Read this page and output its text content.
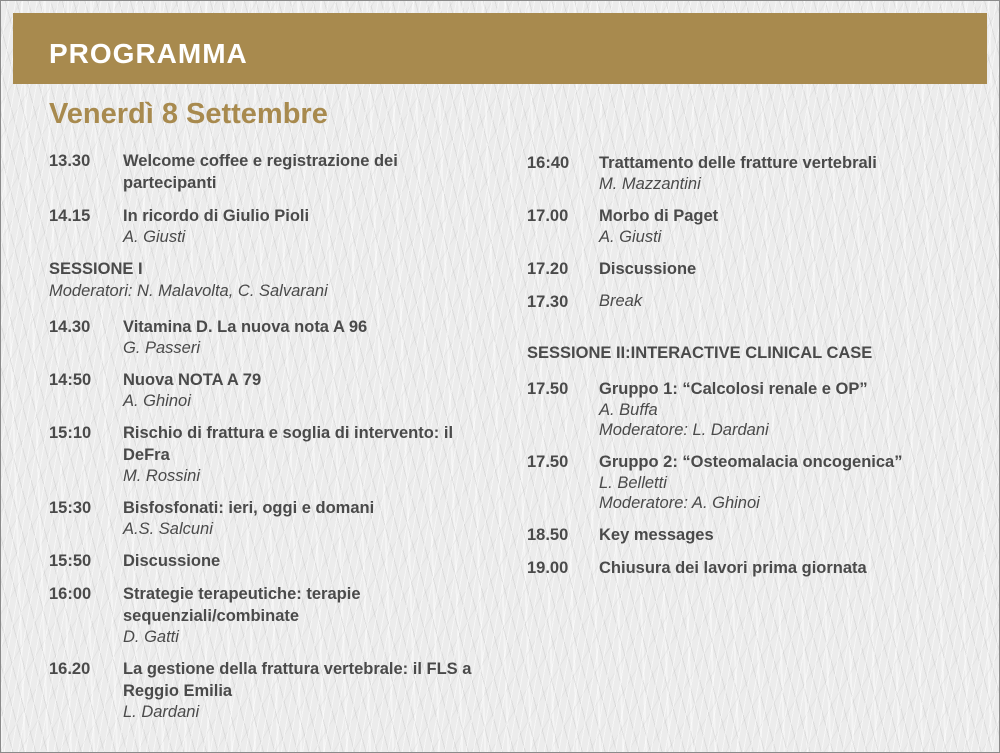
PROGRAMMA
Venerdì 8 Settembre
13.30	Welcome coffee e registrazione dei partecipanti
14.15	In ricordo di Giulio Pioli
A. Giusti
SESSIONE I
Moderatori: N. Malavolta, C. Salvarani
14.30	Vitamina D. La nuova nota A 96
G. Passeri
14:50	Nuova NOTA A 79
A. Ghinoi
15:10	Rischio di frattura e soglia di intervento: il DeFra
M. Rossini
15:30	Bisfosfonati: ieri, oggi e domani
A.S. Salcuni
15:50	Discussione
16:00	Strategie terapeutiche: terapie sequenziali/combinate
D. Gatti
16.20	La gestione della frattura vertebrale: il FLS a Reggio Emilia
L. Dardani
16:40	Trattamento delle fratture vertebrali
M. Mazzantini
17.00	Morbo di Paget
A. Giusti
17.20	Discussione
17.30	Break
SESSIONE II:INTERACTIVE CLINICAL CASE
17.50	Gruppo 1: “Calcolosi renale e OP”
A. Buffa
Moderatore: L. Dardani
17.50	Gruppo 2: “Osteomalacia oncogenica”
L. Belletti
Moderatore: A. Ghinoi
18.50	Key messages
19.00	Chiusura dei lavori prima giornata
